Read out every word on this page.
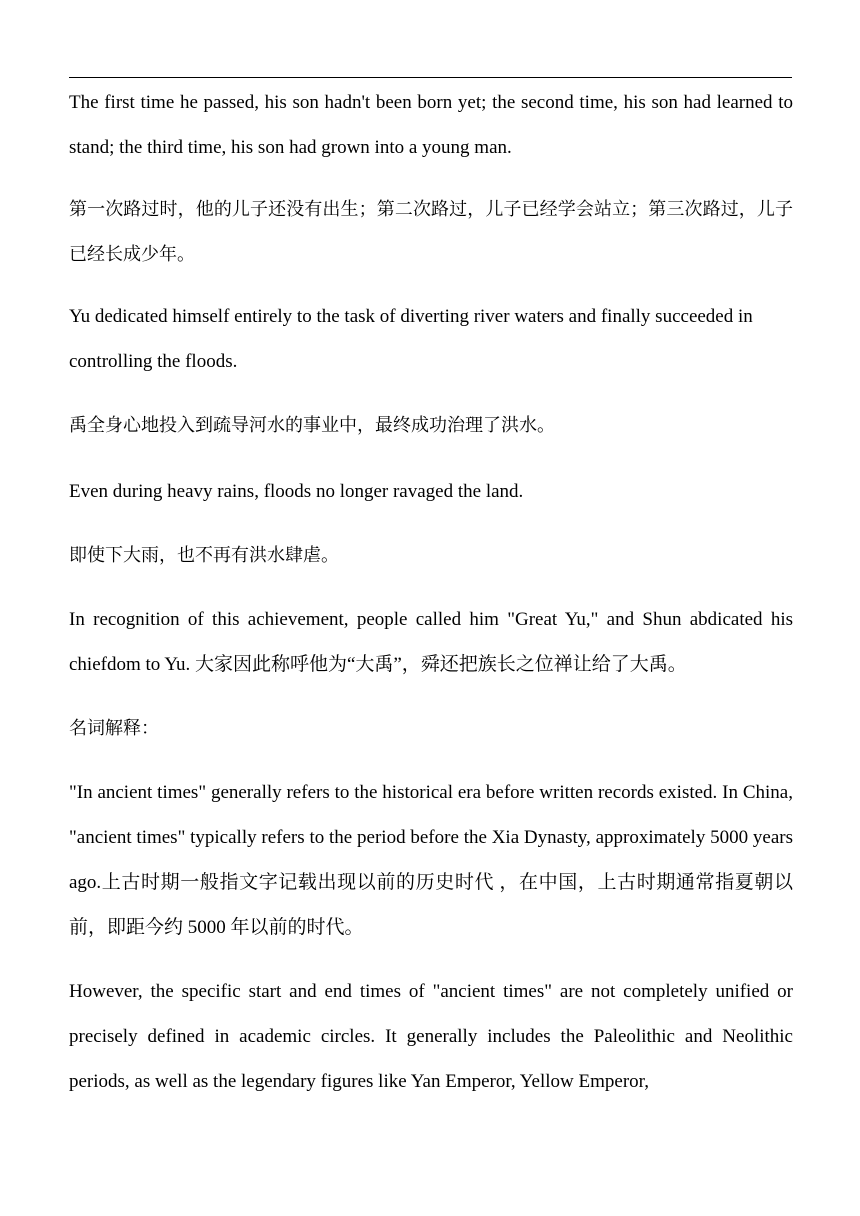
The first time he passed, his son hadn't been born yet; the second time, his son had learned to stand; the third time, his son had grown into a young man.

第一次路过时，他的儿子还没有出生；第二次路过，儿子已经学会站立；第三次路过，儿子已经长成少年。

Yu dedicated himself entirely to the task of diverting river waters and finally succeeded in controlling the floods.

禹全身心地投入到疏导河水的事业中，最终成功治理了洪水。

Even during heavy rains, floods no longer ravaged the land.

即使下大雨，也不再有洪水肆虐。

In recognition of this achievement, people called him "Great Yu," and Shun abdicated his chiefdom to Yu. 大家因此称呼他为“大禹”，舜还把族长之位禅让给了大禹。

名词解释：

"In ancient times" generally refers to the historical era before written records existed. In China, "ancient times" typically refers to the period before the Xia Dynasty, approximately 5000 years ago.上古时期一般指文字记载出现以前的历史时代 ，在中国，上古时期通常指夏朝以前，即距今约 5000 年以前的时代。

However, the specific start and end times of "ancient times" are not completely unified or precisely defined in academic circles. It generally includes the Paleolithic and Neolithic periods, as well as the legendary figures like Yan Emperor, Yellow Emperor,
